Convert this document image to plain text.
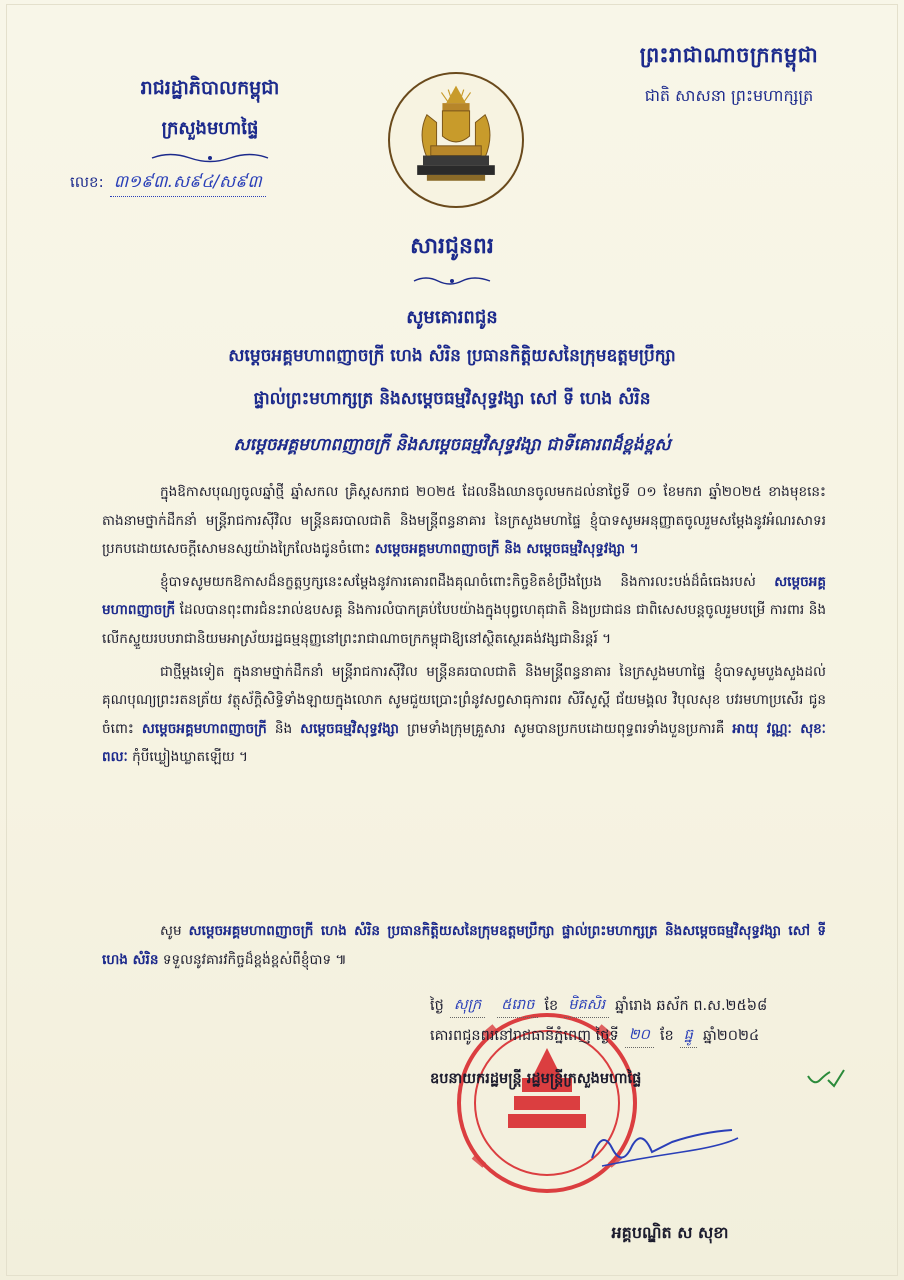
ព្រះរាជាណាចក្រកម្ពុជា
ជាតិ សាសនា ព្រះមហាក្សត្រ
រាជរដ្ឋាភិបាលកម្ពុជា
ក្រសួងមហាផ្ទៃ
លេខ: ៣១៩៣.ស៩៤/ស៩៣
សារជូនពរ
សូមគោរពជូន
សម្តេចអគ្គមហាពញាចក្រី ហេង សំរិន ប្រធានកិត្តិយសនៃក្រុមឧត្តមប្រឹក្សា
ផ្ទាល់ព្រះមហាក្សត្រ និងសម្តេចធម្មវិសុទ្ធវង្សា សៅ ទី ហេង សំរិន
សម្តេចអគ្គមហាពញាចក្រី និងសម្តេចធម្មវិសុទ្ធវង្សា ជាទីគោរពដ៏ខ្ពង់ខ្ពស់

ក្នុងឱកាសបុណ្យចូលឆ្នាំថ្មី ឆ្នាំសកល គ្រិស្តសករាជ ២០២៥ ដែលនឹងឈានចូលមកដល់នាថ្ងៃទី ០១ ខែមករា ឆ្នាំ២០២៥ ខាងមុខនេះ តាងនាមថ្នាក់ដឹកនាំ មន្ត្រីរាជការស៊ីវិល មន្ត្រីនគរបាលជាតិ និងមន្ត្រីពន្ធនាគារ នៃក្រសួងមហាផ្ទៃ ខ្ញុំបាទសូមអនុញ្ញាតចូលរួមសម្តែងនូវអំណរសាទរប្រកបដោយសេចក្តីសោមនស្សយ៉ាងក្រៃលែងជូនចំពោះ សម្តេចអគ្គមហាពញាចក្រី និង សម្តេចធម្មវិសុទ្ធវង្សា ។

ខ្ញុំបាទសូមយកឱកាសដ៏នក្ខត្តឫក្សនេះសម្តែងនូវការគោរពដឹងគុណចំពោះកិច្ចខិតខំប្រឹងប្រែង និងការលះបង់ដ៏ធំធេងរបស់ សម្តេចអគ្គមហាពញាចក្រី ដែលបានពុះពារជំនះរាល់ឧបសគ្គ និងការលំបាកគ្រប់បែបយ៉ាងក្នុងបុព្វហេតុជាតិ និងប្រជាជន ជាពិសេសបន្តចូលរួមបម្រើ ការពារ និងលើកស្ទួយរបបរាជានិយមអាស្រ័យរដ្ឋធម្មនុញ្ញនៅព្រះរាជាណាចក្រកម្ពុជាឱ្យនៅស្ថិតស្ថេរគង់វង្សជានិរន្តរ៍ ។

ជាថ្មីម្តងទៀត ក្នុងនាមថ្នាក់ដឹកនាំ មន្ត្រីរាជការស៊ីវិល មន្ត្រីនគរបាលជាតិ និងមន្ត្រីពន្ធនាគារ នៃក្រសួងមហាផ្ទៃ ខ្ញុំបាទសូមបួងសួងដល់គុណបុណ្យព្រះរតនត្រ័យ វត្ថុស័ក្តិសិទ្ធិទាំងឡាយក្នុងលោក សូមជួយប្រោះព្រំនូវសព្វសាធុការពរ សិរីសួស្តី ជ័យមង្គល វិបុលសុខ បវរមហាប្រសើរ ជូនចំពោះ សម្តេចអគ្គមហាពញាចក្រី និង សម្តេចធម្មវិសុទ្ធវង្សា ព្រមទាំងក្រុមគ្រួសារ សូមបានប្រកបដោយពុទ្ធពរទាំងបួនប្រការគឺ អាយុ វណ្ណៈ សុខៈ ពលៈ កុំបីឃ្លៀងឃ្លាតឡើយ ។

សូម សម្តេចអគ្គមហាពញាចក្រី ហេង សំរិន ប្រធានកិត្តិយសនៃក្រុមឧត្តមប្រឹក្សា ផ្ទាល់ព្រះមហាក្សត្រ និងសម្តេចធម្មវិសុទ្ធវង្សា សៅ ទី ហេង សំរិន ទទួលនូវគារវកិច្ចដ៏ខ្ពង់ខ្ពស់ពីខ្ញុំបាទ ៕

ថ្ងៃ សុក្រ ៥រោច ខែ មិគសិរ ឆ្នាំរោង ឆស័ក ព.ស.២៥៦៨
គោរពជូនពរនៅរាជធានីភ្នំពេញ ថ្ងៃទី ២០ ខែ ធ្នូ ឆ្នាំ២០២៤
ឧបនាយករដ្ឋមន្ត្រី រដ្ឋមន្ត្រីក្រសួងមហាផ្ទៃ
អគ្គបណ្ឌិត ស សុខា
